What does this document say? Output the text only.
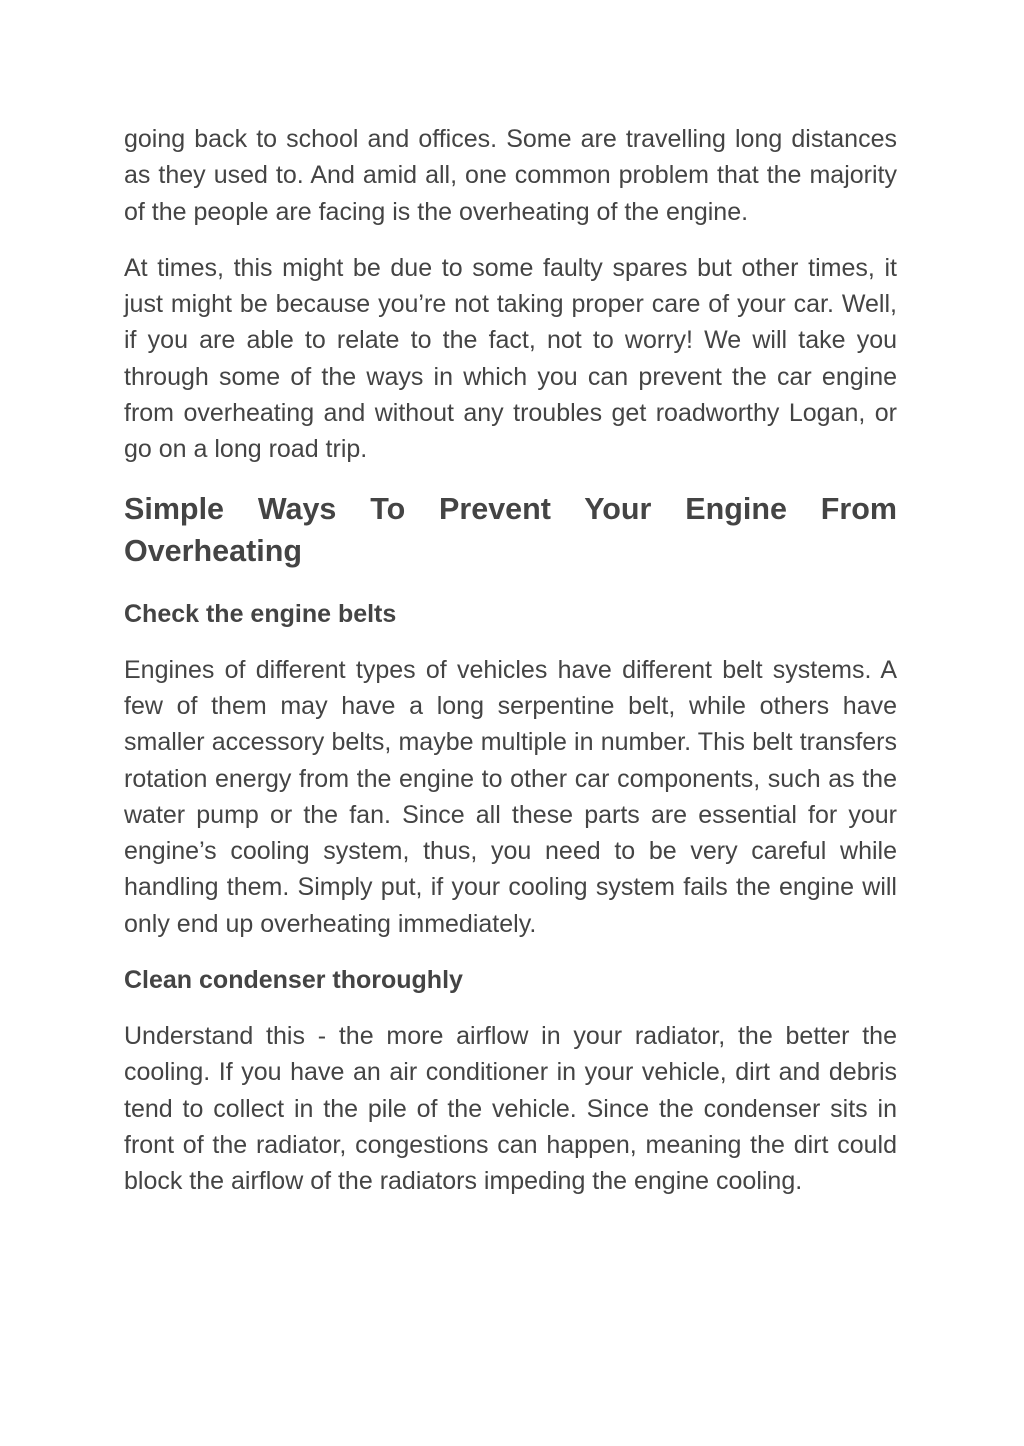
going back to school and offices. Some are travelling long distances as they used to. And amid all, one common problem that the majority of the people are facing is the overheating of the engine.

At times, this might be due to some faulty spares but other times, it just might be because you’re not taking proper care of your car. Well, if you are able to relate to the fact, not to worry! We will take you through some of the ways in which you can prevent the car engine from overheating and without any troubles get roadworthy Logan, or go on a long road trip.

Simple Ways To Prevent Your Engine From Overheating
Check the engine belts

Engines of different types of vehicles have different belt systems. A few of them may have a long serpentine belt, while others have smaller accessory belts, maybe multiple in number. This belt transfers rotation energy from the engine to other car components, such as the water pump or the fan. Since all these parts are essential for your engine’s cooling system, thus, you need to be very careful while handling them. Simply put, if your cooling system fails the engine will only end up overheating immediately.

Clean condenser thoroughly

Understand this - the more airflow in your radiator, the better the cooling. If you have an air conditioner in your vehicle, dirt and debris tend to collect in the pile of the vehicle. Since the condenser sits in front of the radiator, congestions can happen, meaning the dirt could block the airflow of the radiators impeding the engine cooling.
